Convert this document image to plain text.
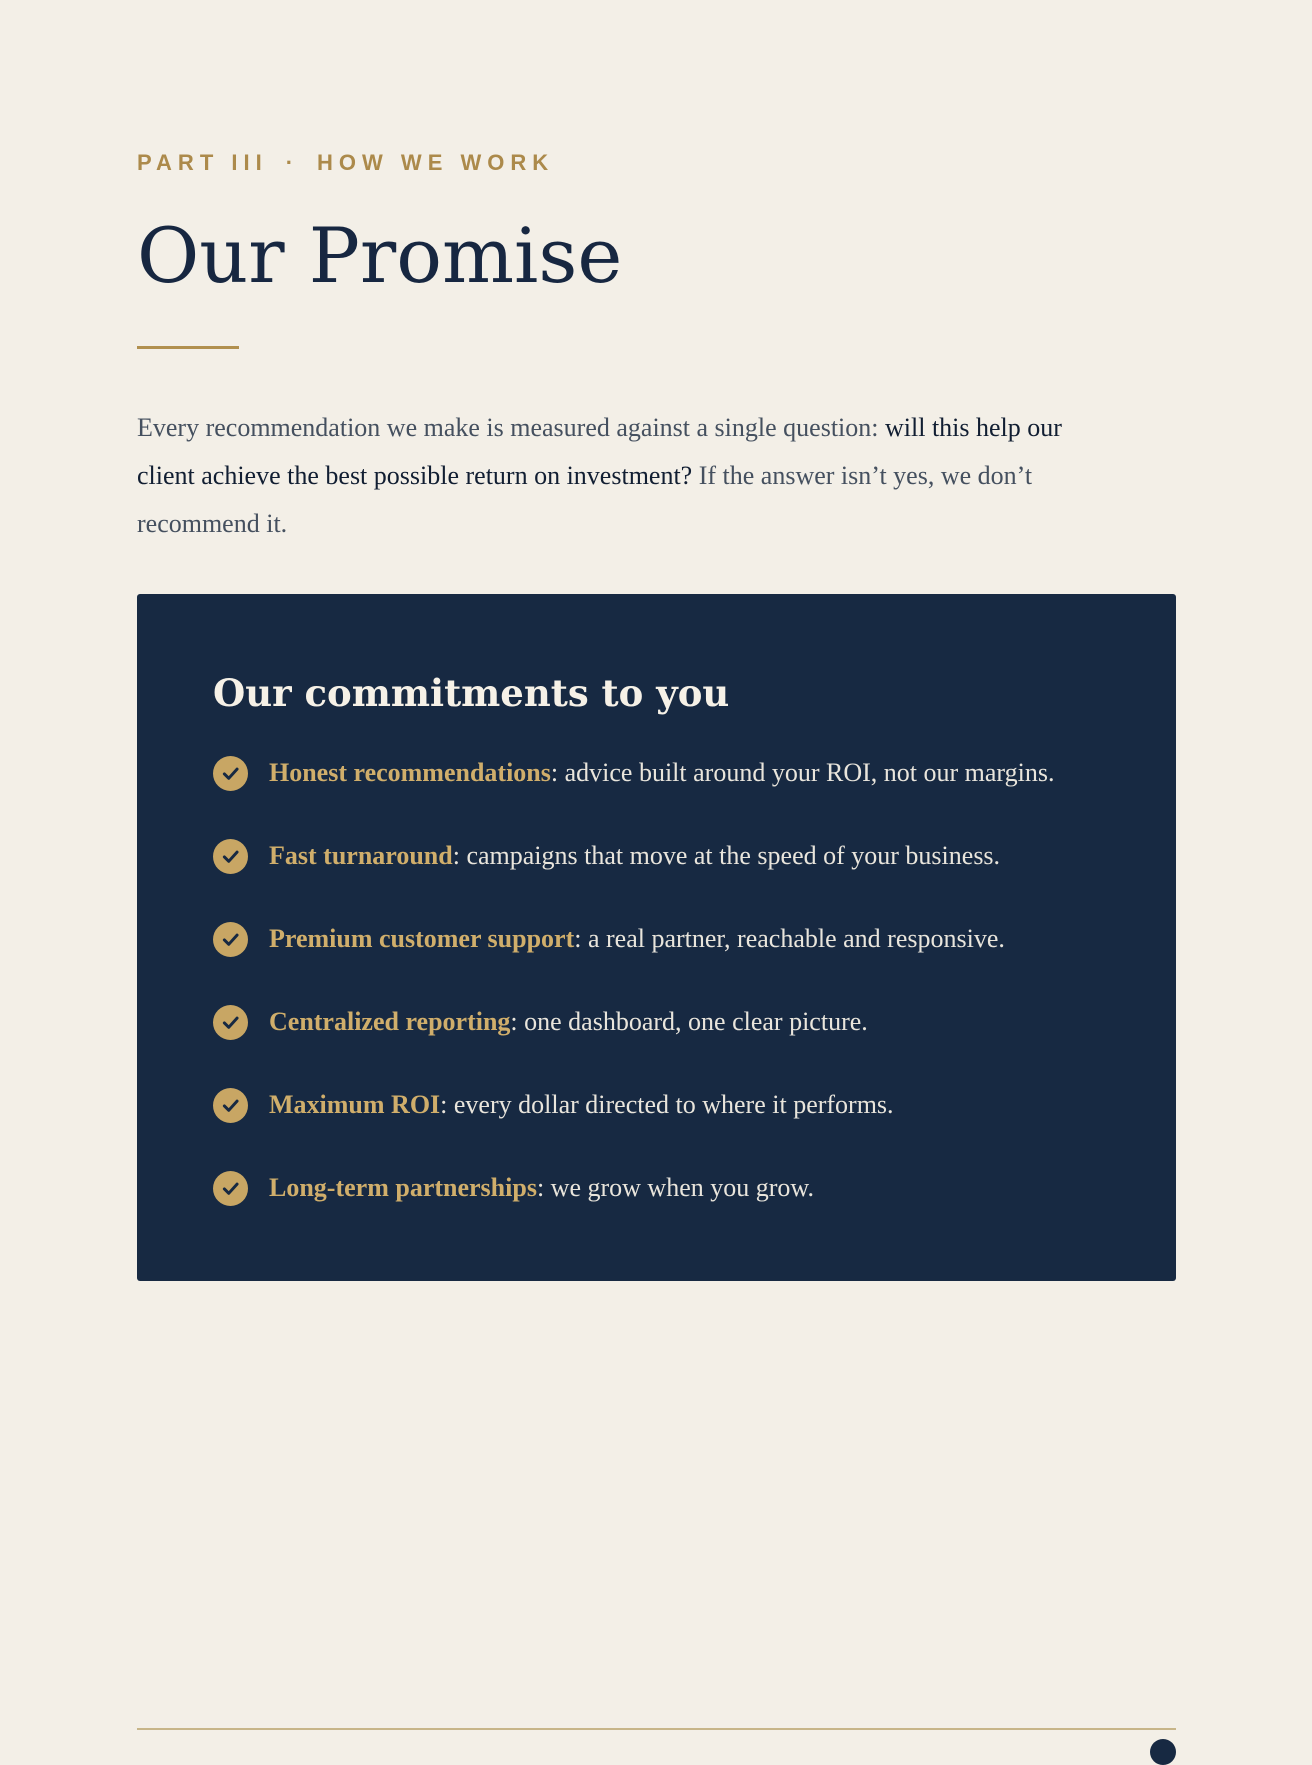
PART III · HOW WE WORK
Our Promise

Every recommendation we make is measured against a single question: will this help our client achieve the best possible return on investment? If the answer isn’t yes, we don’t recommend it.

Our commitments to you
Honest recommendations: advice built around your ROI, not our margins.
Fast turnaround: campaigns that move at the speed of your business.
Premium customer support: a real partner, reachable and responsive.
Centralized reporting: one dashboard, one clear picture.
Maximum ROI: every dollar directed to where it performs.
Long-term partnerships: we grow when you grow.
